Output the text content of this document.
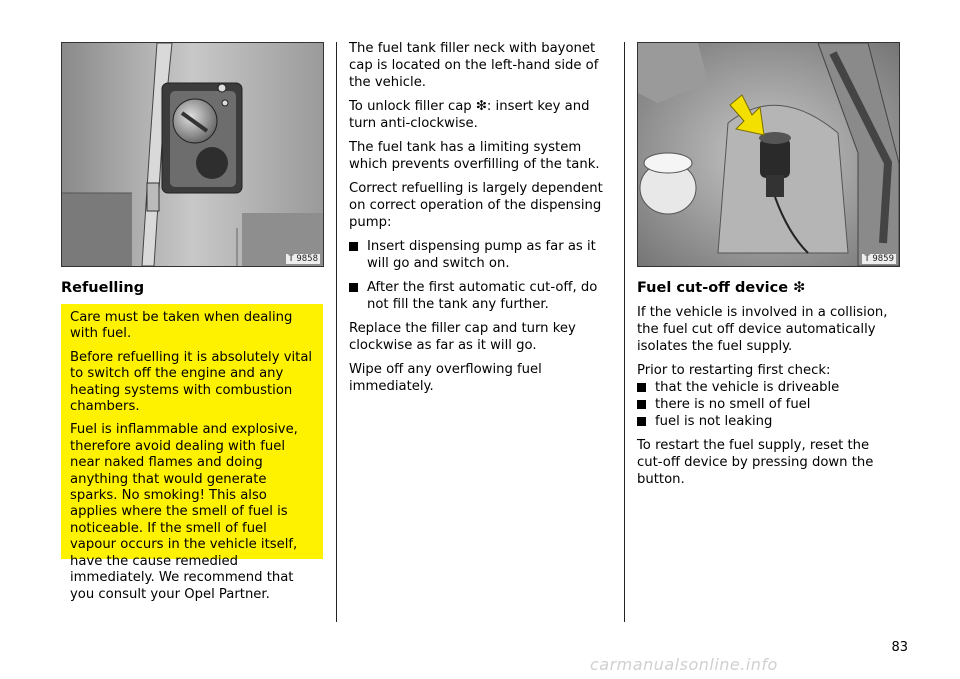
T 9858
Refuelling

Care must be taken when dealing with fuel.

Before refuelling it is absolutely vital to switch off the engine and any heating systems with combustion chambers.

Fuel is inflammable and explosive, therefore avoid dealing with fuel near naked flames and doing anything that would generate sparks. No smoking! This also applies where the smell of fuel is noticeable. If the smell of fuel vapour occurs in the vehicle itself, have the cause remedied immediately. We recommend that you consult your Opel Partner.

The fuel tank filler neck with bayonet cap is located on the left-hand side of the vehicle.

To unlock filler cap ❇: insert key and turn anti-clockwise.

The fuel tank has a limiting system which prevents overfilling of the tank.

Correct refuelling is largely dependent on correct operation of the dispensing pump:

Insert dispensing pump as far as it will go and switch on.
After the first automatic cut-off, do not fill the tank any further.

Replace the filler cap and turn key clockwise as far as it will go.

Wipe off any overflowing fuel immediately.

T 9859
Fuel cut-off device ❇

If the vehicle is involved in a collision, the fuel cut off device automatically isolates the fuel supply.

Prior to restarting first check:

that the vehicle is driveable
there is no smell of fuel
fuel is not leaking

To restart the fuel supply, reset the cut-off device by pressing down the button.

83
carmanualsonline.info
